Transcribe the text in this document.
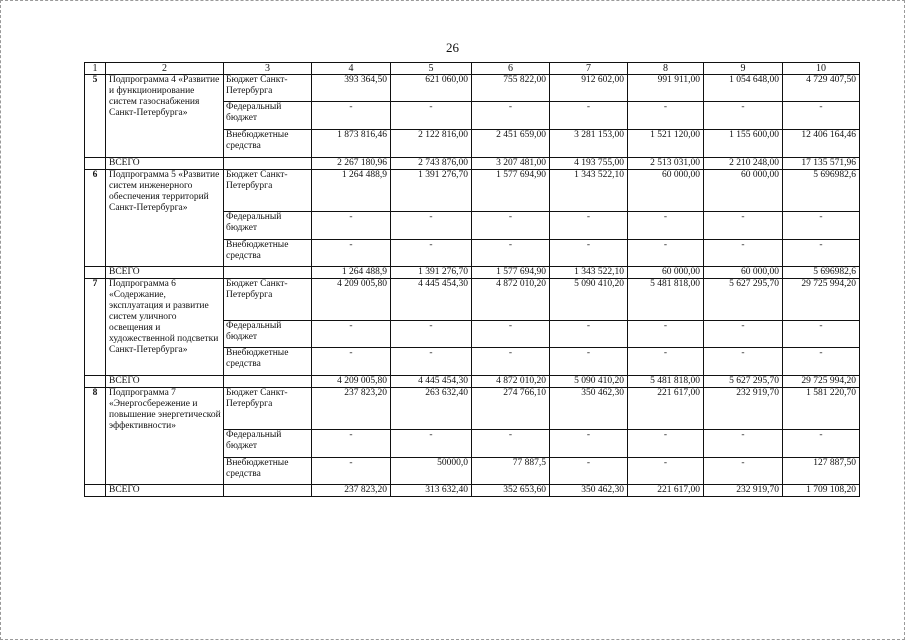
26
1	2	3	4	5	6	7	8	9	10
5	Подпрограмма 4 «Развитие и функционирование систем газоснабжения Санкт-Петербурга»	Бюджет Санкт-Петербурга	393 364,50	621 060,00	755 822,00	912 602,00	991 911,00	1 054 648,00	4 729 407,50
		Федеральный бюджет	-	-	-	-	-	-	-
		Внебюджетные средства	1 873 816,46	2 122 816,00	2 451 659,00	3 281 153,00	1 521 120,00	1 155 600,00	12 406 164,46
	ВСЕГО		2 267 180,96	2 743 876,00	3 207 481,00	4 193 755,00	2 513 031,00	2 210 248,00	17 135 571,96
6	Подпрограмма 5 «Развитие систем инженерного обеспечения территорий Санкт-Петербурга»	Бюджет Санкт-Петербурга	1 264 488,9	1 391 276,70	1 577 694,90	1 343 522,10	60 000,00	60 000,00	5 696982,6
		Федеральный бюджет	-	-	-	-	-	-	-
		Внебюджетные средства	-	-	-	-	-	-	-
	ВСЕГО		1 264 488,9	1 391 276,70	1 577 694,90	1 343 522,10	60 000,00	60 000,00	5 696982,6
7	Подпрограмма 6 «Содержание, эксплуатация и развитие систем уличного освещения и художественной подсветки Санкт-Петербурга»	Бюджет Санкт-Петербурга	4 209 005,80	4 445 454,30	4 872 010,20	5 090 410,20	5 481 818,00	5 627 295,70	29 725 994,20
		Федеральный бюджет	-	-	-	-	-	-	-
		Внебюджетные средства	-	-	-	-	-	-	-
	ВСЕГО		4 209 005,80	4 445 454,30	4 872 010,20	5 090 410,20	5 481 818,00	5 627 295,70	29 725 994,20
8	Подпрограмма 7 «Энергосбережение и повышение энергетической эффективности»	Бюджет Санкт-Петербурга	237 823,20	263 632,40	274 766,10	350 462,30	221 617,00	232 919,70	1 581 220,70
		Федеральный бюджет	-	-	-	-	-	-	-
		Внебюджетные средства	-	50000,0	77 887,5	-	-	-	127 887,50
	ВСЕГО		237 823,20	313 632,40	352 653,60	350 462,30	221 617,00	232 919,70	1 709 108,20
